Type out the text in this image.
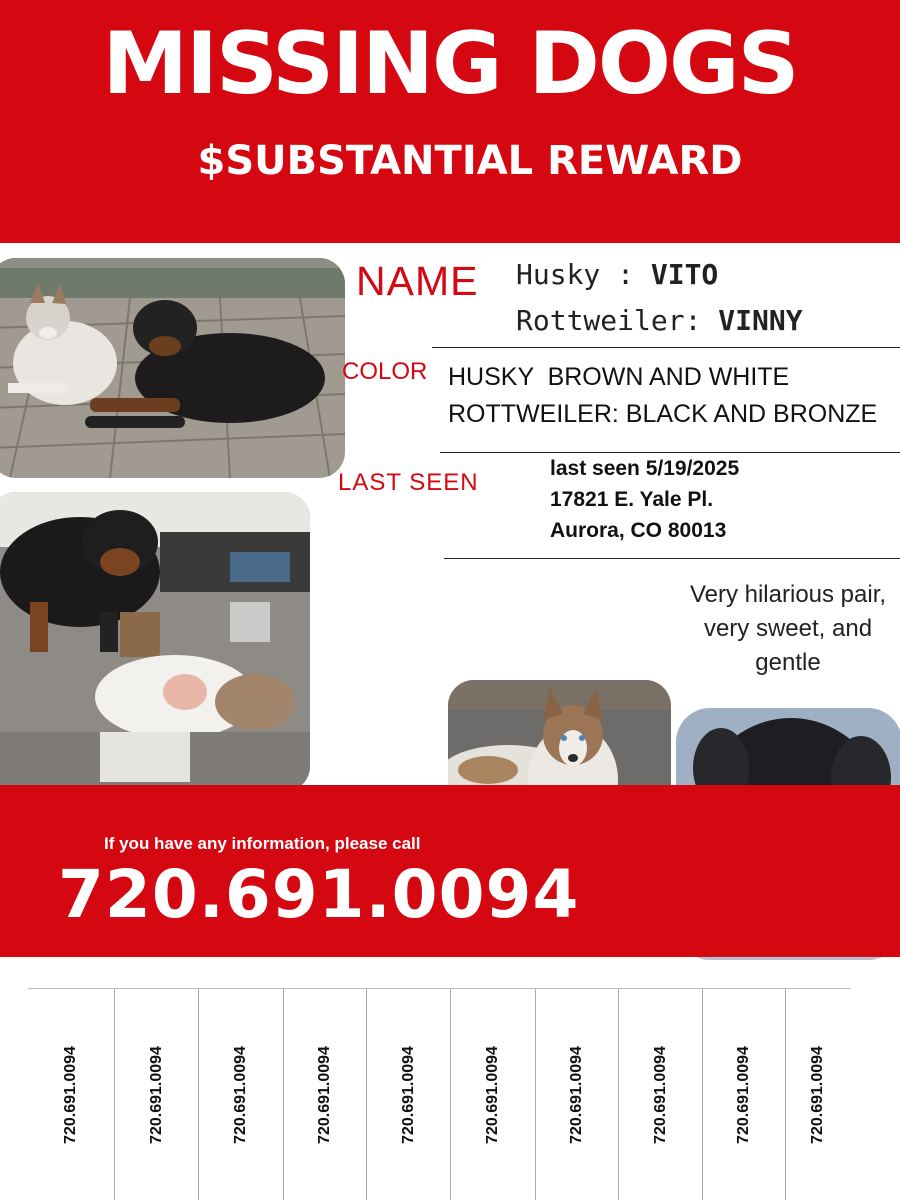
MISSING DOGS
$SUBSTANTIAL REWARD
NAME Husky : VITO
Rottweiler: VINNY
COLOR HUSKY  BROWN AND WHITE
ROTTWEILER: BLACK AND BRONZE
LAST SEEN
last seen 5/19/2025
17821 E. Yale Pl.
Aurora, CO 80013
Very hilarious pair, very sweet, and gentle
If you have any information, please call
720.691.0094
720.691.0094	720.691.0094	720.691.0094	720.691.0094	720.691.0094	720.691.0094	720.691.0094	720.691.0094	720.691.0094	720.691.0094
